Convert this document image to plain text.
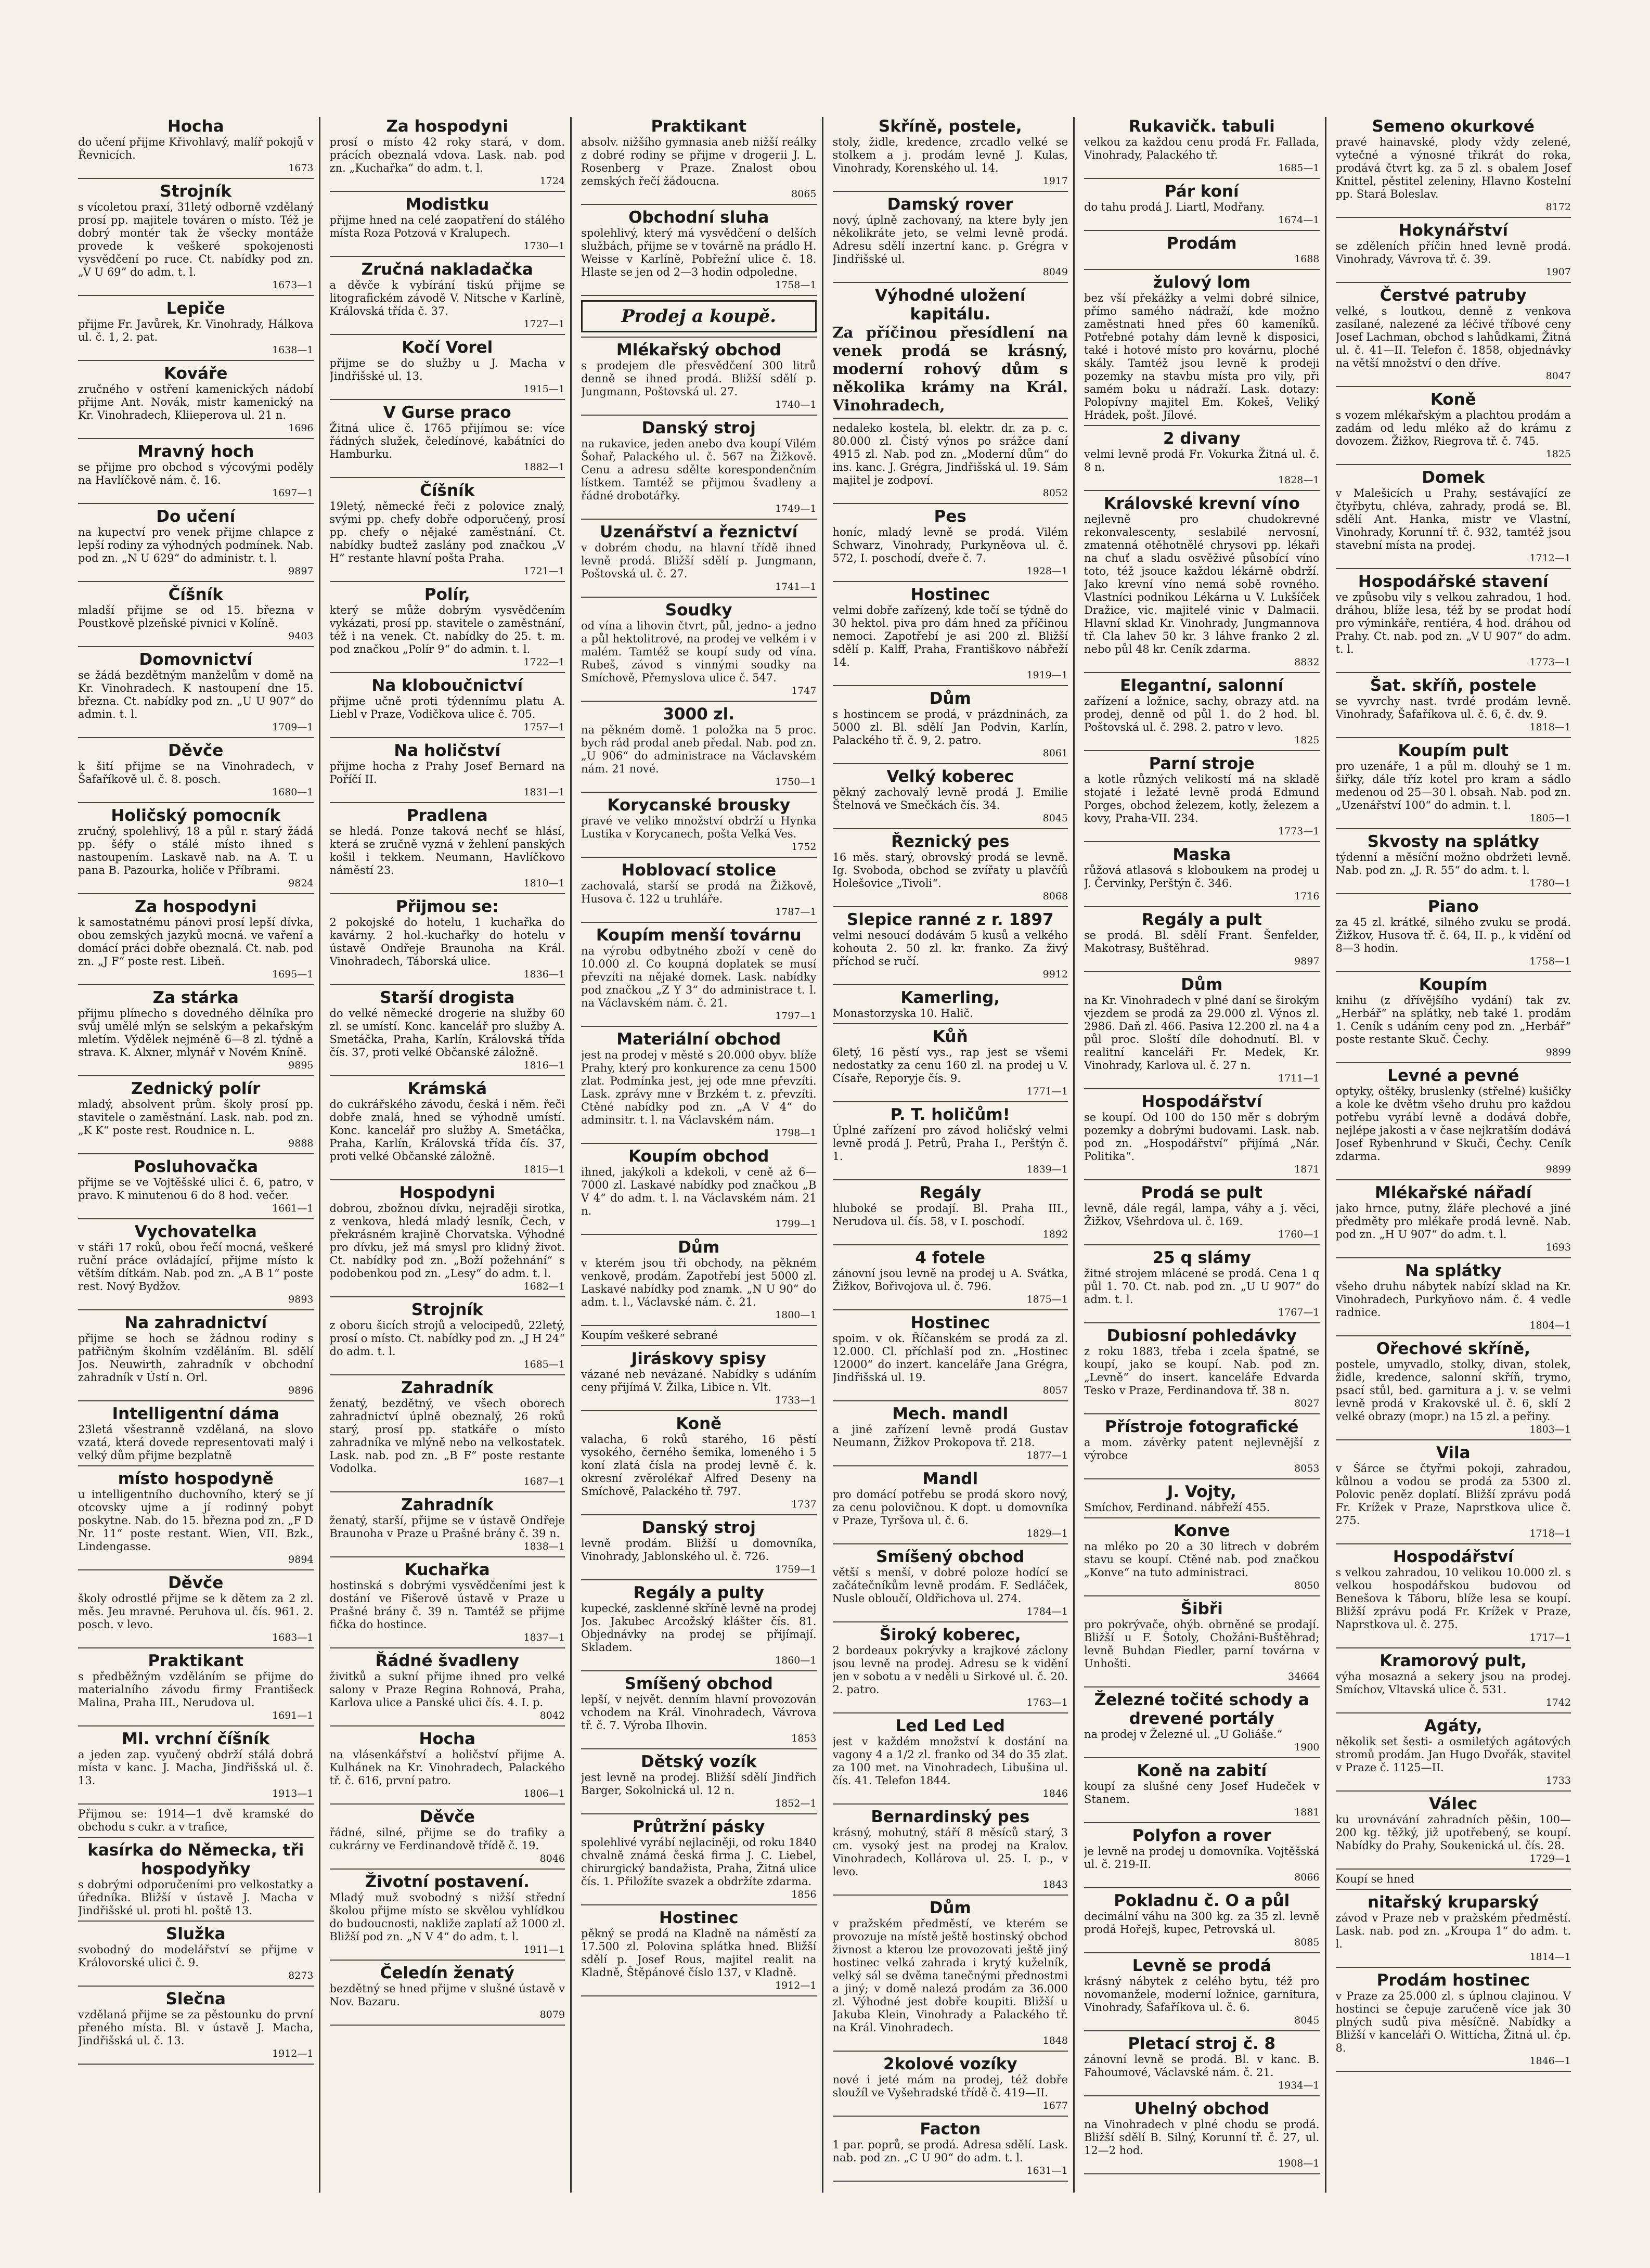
Hocha

do učení přijme Křivohlavý, malíř pokojů v Řevnicích.

1673

Strojník

s vícoletou praxí, 31letý odborně vzdělaný prosí pp. majitele továren o místo. Též je dobrý montér tak že všecky montáže provede k veškeré spokojenosti vysvědčení po ruce. Ct. nabídky pod zn. „V U 69“ do adm. t. l.

1673—1

Lepiče

přijme Fr. Javůrek, Kr. Vinohrady, Hálkova ul. č. 1, 2. pat.

1638—1

Kováře

zručného v ostření kamenických nádobí přijme Ant. Novák, mistr kamenický na Kr. Vinohradech, Kliieperova ul. 21 n.

1696

Mravný hoch

se přijme pro obchod s výcovými poděly na Havlíčkově nám. č. 16.

1697—1

Do učení

na kupectví pro venek přijme chlapce z lepší rodiny za výhodných podmínek. Nab. pod zn. „N U 629“ do administr. t. l.

9897

Číšník

mladší přijme se od 15. března v Poustkově plzeňské pivnici v Kolíně.

9403

Domovnictví

se žádá bezdětným manželům v domě na Kr. Vinohradech. K nastoupení dne 15. března. Ct. nabídky pod zn. „U U 907“ do admin. t. l.

1709—1

Děvče

k šití přijme se na Vinohradech, v Šafaříkově ul. č. 8. posch.

1680—1

Holičský pomocník

zručný, spolehlivý, 18 a půl r. starý žádá pp. šéfy o stálé místo ihned s nastoupením. Laskavě nab. na A. T. u pana B. Pazourka, holiče v Příbrami.

9824

Za hospodyni

k samostatnému pánovi prosí lepší dívka, obou zemských jazyků mocná. ve vaření a domácí práci dobře obeznalá. Ct. nab. pod zn. „J F“ poste rest. Libeň.

1695—1

Za stárka

přijmu plínecho s dovedného dělníka pro svůj umělé mlýn se selským a pekařským mletím. Výdělek nejméně 6—8 zl. týdně a strava. K. Alxner, mlynář v Novém Kníně.

9895

Zednický polír

mladý, absolvent prům. školy prosí pp. stavitele o zaměstnání. Lask. nab. pod zn. „K K“ poste rest. Roudnice n. L.

9888

Posluhovačka

přijme se ve Vojtěšské ulici č. 6, patro, v pravo. K minutenou 6 do 8 hod. večer.

1661—1

Vychovatelka

v stáři 17 roků, obou řečí mocná, veškeré ruční práce ovládající, přijme místo k větším dítkám. Nab. pod zn. „A B 1“ poste rest. Nový Bydžov.

9893

Na zahradnictví

přijme se hoch se žádnou rodiny s patřičným školním vzděláním. Bl. sdělí Jos. Neuwirth, zahradník v obchodní zahradník v Ústí n. Orl.

9896

Intelligentní dáma

23letá všestranně vzdělaná, na slovo vzatá, která dovede representovati malý i velký dům přijme bezplatně

místo hospodyně

u intelligentního duchovního, který se jí otcovsky ujme a jí rodinný pobyt poskytne. Nab. do 15. března pod zn. „F D Nr. 11“ poste restant. Wien, VII. Bzk., Lindengasse.

9894

Děvče

školy odrostlé přijme se k dětem za 2 zl. měs. Jeu mravné. Peruhova ul. čís. 961. 2. posch. v levo.

1683—1

Praktikant

s předběžným vzděláním se přijme do materialního závodu firmy Františeck Malina, Praha III., Nerudova ul.

1691—1

Ml. vrchní číšník

a jeden zap. vyučený obdrží stálá dobrá místa v kanc. J. Macha, Jindřišská ul. č. 13.

1913—1

Přijmou se: 1914—1 dvě kramské do obchodu s cukr. a v trafice,

kasírka do Německa, tři hospodyňky

s dobrými odporučeními pro velkostatky a úředníka. Bližší v ústavě J. Macha v Jindřišské ul. proti hl. poště 13.

Služka

svobodný do modelářství se přijme v Královorské ulici č. 9.

8273

Slečna

vzdělaná přijme se za pěstounku do první přeného místa. Bl. v ústavě J. Macha, Jindřišská ul. č. 13.

1912—1

Za hospodyni

prosí o místo 42 roky stará, v dom. prácích obeznalá vdova. Lask. nab. pod zn. „Kuchařka“ do adm. t. l.

1724

Modistku

přijme hned na celé zaopatření do stálého místa Roza Potzová v Kralupech.

1730—1

Zručná nakladačka

a děvče k vybírání tiskú přijme se litografickém závodě V. Nitsche v Karlíně, Královská třída č. 37.

1727—1

Kočí Vorel

přijme se do služby u J. Macha v Jindřišské ul. 13.

1915—1

V Gurse praco

Žitná ulice č. 1765 přijímou se: více řádných služek, čeledínové, kabátníci do Hamburku.

1882—1

Číšník

19letý, německé řeči z polovice znalý, svými pp. chefy dobře odporučený, prosí pp. chefy o nějaké zaměstnání. Ct. nabídky budtež zaslány pod značkou „V H“ restante hlavní pošta Praha.

1721—1

Polír,

který se může dobrým vysvědčením vykázati, prosí pp. stavitele o zaměstnání, též i na venek. Ct. nabídky do 25. t. m. pod značkou „Polír 9“ do admin. t. l.

1722—1

Na kloboučnictví

přijme učně proti týdennímu platu A. Liebl v Praze, Vodičkova ulice č. 705.

1757—1

Na holičství

přijme hocha z Prahy Josef Bernard na Poříčí II.

1831—1

Pradlena

se hledá. Ponze taková nechť se hlásí, která se zručně vyzná v žehlení panských košil i tekkem. Neumann, Havlíčkovo náměstí 23.

1810—1

Přijmou se:

2 pokojské do hotelu, 1 kuchařka do kavárny. 2 hol.-kuchařky do hotelu v ústavě Ondřeje Braunoha na Král. Vinohradech, Táborská ulice.

1836—1

Starší drogista

do velké německé drogerie na služby 60 zl. se umístí. Konc. kancelář pro služby A. Smetáčka, Praha, Karlín, Královská třída čís. 37, proti velké Občanské záložně.

1816—1

Krámská

do cukrářského závodu, česká i něm. řeči dobře znalá, hned se výhodně umístí. Konc. kancelář pro služby A. Smetáčka, Praha, Karlín, Královská třída čís. 37, proti velké Občanské záložně.

1815—1

Hospodyni

dobrou, zbožnou dívku, nejraději sirotka, z venkova, hledá mladý lesník, Čech, v překrásném krajině Chorvatska. Výhodné pro dívku, jež má smysl pro klidný život. Ct. nabídky pod zn. „Boží požehnání“ s podobenkou pod zn. „Lesy“ do adm. t. l.

1682—1

Strojník

z oboru šicích strojů a velocipedů, 22letý, prosí o místo. Ct. nabídky pod zn. „J H 24“ do adm. t. l.

1685—1

Zahradník

ženatý, bezdětný, ve všech oborech zahradnictví úplně obeznalý, 26 roků starý, prosí pp. statkáře o místo zahradníka ve mlýně nebo na velkostatek. Lask. nab. pod zn. „B F“ poste restante Vodolka.

1687—1

Zahradník

ženatý, starší, přijme se v ústavě Ondřeje Braunoha v Praze u Prašné brány č. 39 n.

1838—1

Kuchařka

hostinská s dobrými vysvědčeními jest k dostání ve Fišerově ústavě v Praze u Prašné brány č. 39 n. Tamtéž se přijme fička do hostince.

1837—1

Řádné švadleny

živitků a sukní přijme ihned pro velké salony v Praze Regina Rohnová, Praha, Karlova ulice a Panské ulici čís. 4. I. p.

8042

Hocha

na vlásenkářství a holičství přijme A. Kulhánek na Kr. Vinohradech, Palackého tř. č. 616, první patro.

1806—1

Děvče

řádné, silné, přijme se do trafiky a cukrárny ve Ferdinandově třídě č. 19.

8046

Životní postavení.

Mladý muž svobodný s nižší střední školou přijme místo se skvělou vyhlídkou do budoucnosti, nakliže zaplatí až 1000 zl. Bližší pod zn. „N V 4“ do adm. t. l.

1911—1

Čeledín ženatý

bezdětný se hned přijme v slušné ústavě v Nov. Bazaru.

8079

Praktikant

absolv. nižšího gymnasia aneb nižší reálky z dobré rodiny se přijme v drogerii J. L. Rosenberg v Praze. Znalost obou zemských řečí žádoucna.

8065

Obchodní sluha

spolehlivý, který má vysvědčení o delších službách, přijme se v továrně na prádlo H. Weisse v Karlíně, Pobřežní ulice č. 18. Hlaste se jen od 2—3 hodin odpoledne.

1758—1

Prodej a koupě.

Mlékařský obchod

s prodejem dle přesvědčení 300 litrů denně se ihned prodá. Bližší sdělí p. Jungmann, Poštovská ul. 27.

1740—1

Danský stroj

na rukavice, jeden anebo dva koupí Vilém Šohař, Palackého ul. č. 567 na Žižkově. Cenu a adresu sdělte korespondenčním lístkem. Tamtéž se přijmou švadleny a řádné drobotářky.

1749—1

Uzenářství a řeznictví

v dobrém chodu, na hlavní třídě ihned levně prodá. Bližší sdělí p. Jungmann, Poštovská ul. č. 27.

1741—1

Soudky

od vína a lihovin čtvrt, půl, jedno- a jedno a půl hektolitrové, na prodej ve velkém i v malém. Tamtéž se koupí sudy od vína. Rubeš, závod s vinnými soudky na Smíchově, Přemyslova ulice č. 547.

1747

3000 zl.

na pěkném domě. 1 položka na 5 proc. bych rád prodal aneb předal. Nab. pod zn. „U 906“ do administrace na Václavském nám. 21 nové.

1750—1

Korycanské brousky

pravé ve veliko množství obdrží u Hynka Lustika v Korycanech, pošta Velká Ves.

1752

Hoblovací stolice

zachovalá, starší se prodá na Žižkově, Husova č. 122 u truhláře.

1787—1

Koupím menší továrnu

na výrobu odbytného zboží v ceně do 10.000 zl. Co koupná doplatek se musí převzíti na nějaké domek. Lask. nabídky pod značkou „Z Y 3“ do administrace t. l. na Václavském nám. č. 21.

1797—1

Materiální obchod

jest na prodej v městě s 20.000 obyv. blíže Prahy, který pro konkurence za cenu 1500 zlat. Podmínka jest, jej ode mne převzíti. Lask. zprávy mne v Brzkém t. z. převzíti. Ctěné nabídky pod zn. „A V 4“ do adminsitr. t. l. na Václavském nám.

1798—1

Koupím obchod

ihned, jakýkoli a kdekoli, v ceně až 6—7000 zl. Laskavé nabídky pod značkou „B V 4“ do adm. t. l. na Václavském nám. 21 n.

1799—1

Dům

v kterém jsou tři obchody, na pěkném venkově, prodám. Zapotřebí jest 5000 zl. Laskavé nabídky pod znamk. „N U 90“ do adm. t. l., Václavské nám. č. 21.

1800—1

Koupím veškeré sebrané

Jiráskovy spisy

vázané neb nevázané. Nabídky s udáním ceny přijímá V. Žilka, Libice n. Vlt.

1733—1

Koně

valacha, 6 roků starého, 16 pěstí vysokého, černého šemika, lomeného i 5 koní zlatá čísla na prodej levně č. k. okresní zvěrolékař Alfred Deseny na Smíchově, Palackého tř. 797.

1737

Danský stroj

levně prodám. Bližší u domovníka, Vinohrady, Jablonského ul. č. 726.

1759—1

Regály a pulty

kupecké, zasklenné skříně levně na prodej Jos. Jakubec Arcožský klášter čís. 81. Objednávky na prodej se přijímají. Skladem.

1860—1

Smíšený obchod

lepší, v největ. denním hlavní provozován vchodem na Král. Vinohradech, Vávrova tř. č. 7. Výroba Ilhovin.

1853

Dětský vozík

jest levně na prodej. Bližší sdělí Jindřich Barger, Sokolnická ul. 12 n.

1852—1

Průtržní pásky

spolehlivé vyrábí nejlaciněji, od roku 1840 chvalně známá česká firma J. C. Liebel, chirurgický bandažista, Praha, Žitná ulice čís. 1. Přiložíte svazek a obdržíte zdarma.

1856

Hostinec

pěkný se prodá na Kladně na náměstí za 17.500 zl. Polovina splátka hned. Bližší sdělí p. Josef Rous, majitel realit na Kladně, Štěpánové číslo 137, v Kladně.

1912—1

Skříně, postele,

stoly, židle, kredence, zrcadlo velké se stolkem a j. prodám levně J. Kulas, Vinohrady, Korenského ul. 14.

1917

Damský rover

nový, úplně zachovaný, na ktere byly jen několikráte jeto, se velmi levně prodá. Adresu sdělí inzertní kanc. p. Grégra v Jindřišské ul.

8049

Výhodné uložení kapitálu.

Za příčinou přesídlení na venek prodá se krásný, moderní rohový dům s několika krámy na Král. Vinohradech,

nedaleko kostela, bl. elektr. dr. za p. c. 80.000 zl. Čistý výnos po srážce daní 4915 zl. Nab. pod zn. „Moderní dům“ do ins. kanc. J. Grégra, Jindřišská ul. 19. Sám majitel je zodpoví.

8052

Pes

honíc, mladý levně se prodá. Vilém Schwarz, Vinohrady, Purkyněova ul. č. 572, I. poschodí, dveře č. 7.

1928—1

Hostinec

velmi dobře zařízený, kde točí se týdně do 30 hektol. piva pro dám hned za příčinou nemoci. Zapotřebí je asi 200 zl. Bližší sdělí p. Kalff, Praha, Františkovo nábřeží 14.

1919—1

Dům

s hostincem se prodá, v prázdninách, za 5000 zl. Bl. sdělí Jan Podvin, Karlín, Palackého tř. č. 9, 2. patro.

8061

Velký koberec

pěkný zachovalý levně prodá J. Emilie Štelnová ve Smečkách čís. 34.

8045

Řeznický pes

16 měs. starý, obrovský prodá se levně. Ig. Svoboda, obchod se zvířaty u plavčíů Holešovice „Tivoli“.

8068

Slepice ranné z r. 1897

velmi nesoucí dodávám 5 kusů a velkého kohouta 2. 50 zl. kr. franko. Za živý příchod se ručí.

9912

Kamerling,

Monastorzyska 10. Halič.

Kůň

6letý, 16 pěstí vys., rap jest se všemi nedostatky za cenu 160 zl. na prodej u V. Císaře, Reporyje čís. 9.

1771—1

P. T. holičům!

Úplné zařízení pro závod holičský velmi levně prodá J. Petrů, Praha I., Perštýn č. 1.

1839—1

Regály

hluboké se prodají. Bl. Praha III., Nerudova ul. čís. 58, v I. poschodí.

1892

4 fotele

zánovní jsou levně na prodej u A. Svátka, Žižkov, Bořivojova ul. č. 796.

1875—1

Hostinec

spoim. v ok. Říčanském se prodá za zl. 12.000. Cl. příchlaší pod zn. „Hostinec 12000“ do inzert. kanceláře Jana Grégra, Jindřišská ul. 19.

8057

Mech. mandl

a jiné zařízení levně prodá Gustav Neumann, Žižkov Prokopova tř. 218.

1877—1

Mandl

pro domácí potřebu se prodá skoro nový, za cenu polovičnou. K dopt. u domovníka v Praze, Tyršova ul. č. 6.

1829—1

Smíšený obchod

větší s menší, v dobré poloze hodící se začátečníkům levně prodám. F. Sedláček, Nusle obloučí, Oldřichova ul. 274.

1784—1

Široký koberec,

2 bordeaux pokrývky a krajkové záclony jsou levně na prodej. Adresu se k vidění jen v sobotu a v neděli u Sirkové ul. č. 20. 2. patro.

1763—1

Led Led Led

jest v každém množství k dostání na vagony 4 a 1/2 zl. franko od 34 do 35 zlat. za 100 met. na Vinohradech, Libušina ul. čís. 41. Telefon 1844.

1846

Bernardinský pes

krásný, mohutný, stáří 8 měsíců starý, 3 cm. vysoký jest na prodej na Kralov. Vinohradech, Kollárova ul. 25. I. p., v levo.

1843

Dům

v pražském předměstí, ve kterém se provozuje na místě ještě hostinský obchod živnost a kterou lze provozovati ještě jiný hostinec velká zahrada i krytý kuželník, velký sál se dvěma tanečnými přednostmi a jiný; v domě nalezá prodám za 36.000 zl. Výhodné jest dobře koupiti. Bližší u Jakuba Klein, Vinohrady a Palackého tř. na Král. Vinohradech.

1848

2kolové vozíky

nové i jeté mám na prodej, též dobře sloužíl ve Vyšehradské třídě č. 419—II.

1677

Facton

1 par. poprů, se prodá. Adresa sdělí. Lask. nab. pod zn. „C U 90“ do adm. t. l.

1631—1

Rukavičk. tabuli

velkou za každou cenu prodá Fr. Fallada, Vinohrady, Palackého tř.

1685—1

Pár koní

do tahu prodá J. Liartl, Modřany.

1674—1

Prodám

1688

žulový lom

bez vší překážky a velmi dobré silnice, přímo samého nádraží, kde možno zaměstnati hned přes 60 kameníků. Potřebné potahy dám levně k disposici, také i hotové místo pro kovárnu, ploché skály. Tamtéž jsou levně k prodeji pozemky na stavbu místa pro vily, při samém boku u nádraží. Lask. dotazy: Polopívny majitel Em. Kokeš, Veliký Hrádek, pošt. Jílové.

2 divany

velmi levně prodá Fr. Vokurka Žitná ul. č. 8 n.

1828—1

Královské krevní víno

nejlevně pro chudokrevné rekonvalescenty, seslabilé nervosní, zmatenná otěhotnělé chrysovi pp. lékaři na chuť a sladu osvěživé působící víno toto, též jsouce každou lékárně obdrží. Jako krevní víno nemá sobě rovného. Vlastníci podnikou Lékárna u V. Lukšíček Dražice, vic. majitelé vinic v Dalmacii. Hlavní sklad Kr. Vinohrady, Jungmannova tř. Cla lahev 50 kr. 3 láhve franko 2 zl. nebo půl 48 kr. Ceník zdarma.

8832

Elegantní, salonní

zařízení a ložnice, sachy, obrazy atd. na prodej, denně od půl 1. do 2 hod. bl. Poštovská ul. č. 298. 2. patro v levo.

1825

Parní stroje

a kotle různých velikostí má na skladě stojaté i ležaté levně prodá Edmund Porges, obchod železem, kotly, železem a kovy, Praha-VII. 234.

1773—1

Maska

růžová atlasová s kloboukem na prodej u J. Červinky, Perštýn č. 346.

1716

Regály a pult

se prodá. Bl. sdělí Frant. Šenfelder, Makotrasy, Buštěhrad.

9897

Dům

na Kr. Vinohradech v plné daní se širokým vjezdem se prodá za 29.000 zl. Výnos zl. 2986. Daň zl. 466. Pasiva 12.200 zl. na 4 a půl proc. Sloští díle dohodnutí. Bl. v realitní kanceláři Fr. Medek, Kr. Vinohrady, Karlova ul. č. 27 n.

1711—1

Hospodářství

se koupí. Od 100 do 150 měr s dobrým pozemky a dobrými budovami. Lask. nab. pod zn. „Hospodářství“ přijímá „Nár. Politika“.

1871

Prodá se pult

levně, dále regál, lampa, váhy a j. věci, Žižkov, Všehrdova ul. č. 169.

1760—1

25 q slámy

žitné strojem mlácené se prodá. Cena 1 q půl 1. 70. Ct. nab. pod zn. „U U 907“ do adm. t. l.

1767—1

Dubiosní pohledávky

z roku 1883, třeba i zcela špatné, se koupí, jako se koupí. Nab. pod zn. „Levně“ do insert. kanceláře Edvarda Tesko v Praze, Ferdinandova tř. 38 n.

8027

Přístroje fotografické

a mom. závěrky patent nejlevnější z výrobce

8053

J. Vojty,

Smíchov, Ferdinand. nábřeží 455.

Konve

na mléko po 20 a 30 litrech v dobrém stavu se koupí. Ctěné nab. pod značkou „Konve“ na tuto administraci.

8050

Šibři

pro pokrývače, ohýb. obrněné se prodají. Bližší u F. Šotoly, Chožáni-Buštěhrad; levně Buhdan Fiedler, parní továrna v Unhošti.

34664

Železné točité schody a drevené portály

na prodej v Železné ul. „U Goliáše.“

1900

Koně na zabití

koupí za slušné ceny Josef Hudeček v Stanem.

1881

Polyfon a rover

je levně na prodej u domovníka. Vojtěšská ul. č. 219-II.

8066

Pokladnu č. O a půl

decimální váhu na 300 kg. za 35 zl. levně prodá Hořejš, kupec, Petrovská ul.

8085

Levně se prodá

krásný nábytek z celého bytu, též pro novomanžele, moderní ložnice, garnitura, Vinohrady, Šafaříkova ul. č. 6.

8045

Pletací stroj č. 8

zánovní levně se prodá. Bl. v kanc. B. Fahoumové, Václavské nám. č. 21.

1934—1

Uhelný obchod

na Vinohradech v plné chodu se prodá. Bližší sdělí B. Silný, Korunní tř. č. 27, ul. 12—2 hod.

1908—1

Semeno okurkové

pravé hainavské, plody vždy zelené, vytečné a výnosné třikrát do roka, prodává čtvrt kg. za 5 zl. s obalem Josef Knittel, pěstitel zeleniny, Hlavno Kostelní pp. Stará Boleslav.

8172

Hokynářství

se zděleních příčin hned levně prodá. Vinohrady, Vávrova tř. č. 39.

1907

Čerstvé patruby

velké, s loutkou, denně z venkova zasílané, nalezené za léčivé tříbové ceny Josef Lachman, obchod s lahůdkami, Žitná ul. č. 41—II. Telefon č. 1858, objednávky na větší množství o den dříve.

8047

Koně

s vozem mlékařským a plachtou prodám a zadám od ledu mléko až do krámu z dovozem. Žižkov, Riegrova tř. č. 745.

1825

Domek

v Malešicích u Prahy, sestávající ze čtyřbytu, chléva, zahrady, prodá se. Bl. sdělí Ant. Hanka, mistr ve Vlastní, Vinohrady, Korunní tř. č. 932, tamtéž jsou stavební místa na prodej.

1712—1

Hospodářské stavení

ve způsobu vily s velkou zahradou, 1 hod. dráhou, blíže lesa, též by se prodat hodí pro výminkáře, rentiéra, 4 hod. dráhou od Prahy. Ct. nab. pod zn. „V U 907“ do adm. t. l.

1773—1

Šat. skříň, postele

se vyvrchy nast. tvrdé prodám levně. Vinohrady, Šafaříkova ul. č. 6, č. dv. 9.

1818—1

Koupím pult

pro uzenáře, 1 a půl m. dlouhý se 1 m. šiřky, dále tříz kotel pro kram a sádlo medenou od 25—30 l. obsah. Nab. pod zn. „Uzenářství 100“ do admin. t. l.

1805—1

Skvosty na splátky

týdenní a měsíční možno obdržeti levně. Nab. pod zn. „J. R. 55“ do adm. t. l.

1780—1

Piano

za 45 zl. krátké, silného zvuku se prodá. Žižkov, Husova tř. č. 64, II. p., k vidění od 8—3 hodin.

1758—1

Koupím

knihu (z dřívějšího vydání) tak zv. „Herbář“ na splátky, neb také 1. prodám 1. Ceník s udáním ceny pod zn. „Herbář“ poste restante Skuč. Čechy.

9899

Levné a pevné

optyky, oštěky, bruslenky (střelné) kušičky a kole ke dvětm všeho druhu pro každou potřebu vyrábí levně a dodává dobře, nejlépe jakosti a v čase nejkratším dodává Josef Rybenhrund v Skuči, Čechy. Ceník zdarma.

9899

Mlékařské nářadí

jako hrnce, putny, žláře plechové a jiné předměty pro mlékaře prodá levně. Nab. pod zn. „H U 907“ do adm. t. l.

1693

Na splátky

všeho druhu nábytek nabízí sklad na Kr. Vinohradech, Purkyňovo nám. č. 4 vedle radnice.

1804—1

Ořechové skříně,

postele, umyvadlo, stolky, divan, stolek, židle, kredence, salonní skříň, trymo, psací stůl, bed. garnitura a j. v. se velmi levně prodá v Krakovské ul. č. 6, sklí 2 velké obrazy (mopr.) na 15 zl. a peřiny.

1803—1

Vila

v Šárce se čtyřmi pokoji, zahradou, kůlnou a vodou se prodá za 5300 zl. Polovic peněz doplatí. Bližší zprávu podá Fr. Krížek v Praze, Naprstkova ulice č. 275.

1718—1

Hospodářství

s velkou zahradou, 10 velikou 10.000 zl. s velkou hospodářskou budovou od Benešova k Táboru, blíže lesa se koupí. Bližší zprávu podá Fr. Krížek v Praze, Naprstkova ul. č. 275.

1717—1

Kramorový pult,

výha mosazná a sekery jsou na prodej. Smíchov, Vltavská ulice č. 531.

1742

Agáty,

několik set šesti- a osmiletých agátových stromů prodám. Jan Hugo Dvořák, stavitel v Praze č. 1125—II.

1733

Válec

ku urovnávání zahradních pěšin, 100—200 kg. těžký, již upotřebený, se koupí. Nabídky do Prahy, Soukenická ul. čís. 28.

1729—1

Koupí se hned

nitařský kruparský

závod v Praze neb v pražském předměstí. Lask. nab. pod zn. „Kroupa 1“ do adm. t. l.

1814—1

Prodám hostinec

v Praze za 25.000 zl. s úplnou clajinou. V hostinci se čepuje zaručeně více jak 30 plných sudů piva měsíčně. Nabídky a Bližší v kanceláři O. Wittícha, Žitná ul. čp. 8.

1846—1
